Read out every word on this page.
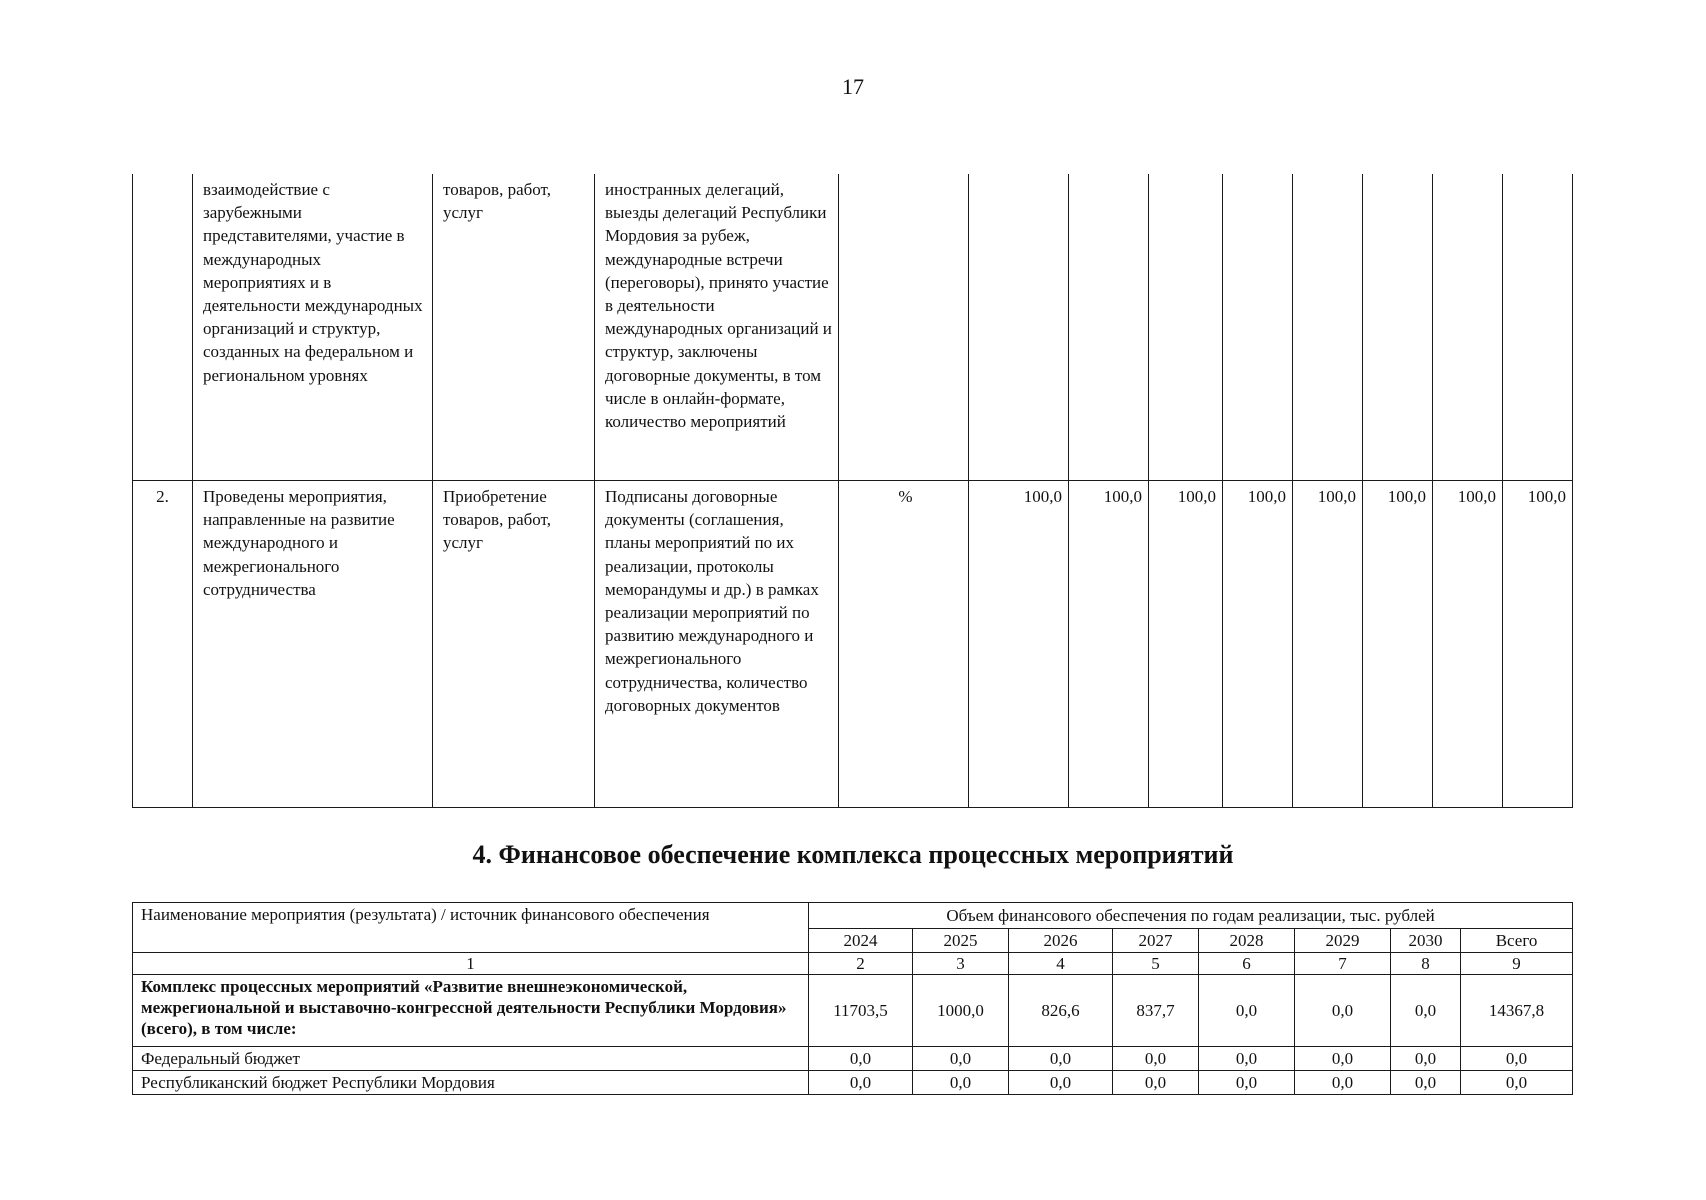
17
	взаимодействие с зарубежными представителями, участие в международных мероприятиях и в деятельности международных организаций и структур, созданных на федеральном и региональном уровнях	товаров, работ, услуг	иностранных делегаций, выезды делегаций Республики Мордовия за рубеж, международные встречи (переговоры), принято участие в деятельности международных организаций и структур, заключены договорные документы, в том числе в онлайн-формате, количество мероприятий									
2.	Проведены мероприятия, направленные на развитие международного и межрегионального сотрудничества	Приобретение товаров, работ, услуг	Подписаны договорные документы (соглашения, планы мероприятий по их реализации, протоколы меморандумы и др.) в рамках реализации мероприятий по развитию международного и межрегионального сотрудничества, количество договорных документов	%	100,0	100,0	100,0	100,0	100,0	100,0	100,0	100,0
4. Финансовое обеспечение комплекса процессных мероприятий
Наименование мероприятия (результата) / источник финансового обеспечения	Объем финансового обеспечения по годам реализации, тыс. рублей							
	2024	2025	2026	2027	2028	2029	2030	Всего
1	2	3	4	5	6	7	8	9
Комплекс процессных мероприятий «Развитие внешнеэкономической, межрегиональной и выставочно-конгрессной деятельности Республики Мордовия» (всего), в том числе:	11703,5	1000,0	826,6	837,7	0,0	0,0	0,0	14367,8
Федеральный бюджет	0,0	0,0	0,0	0,0	0,0	0,0	0,0	0,0
Республиканский бюджет Республики Мордовия	0,0	0,0	0,0	0,0	0,0	0,0	0,0	0,0
